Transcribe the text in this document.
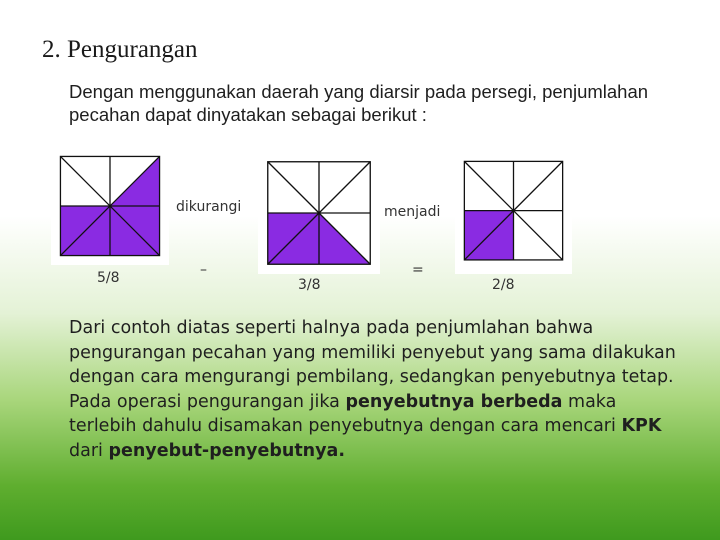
2. Pengurangan
Dengan menggunakan daerah yang diarsir pada persegi, penjumlahan pecahan dapat dinyatakan sebagai berikut :
5/8
dikurangi
–
3/8
menjadi
=
2/8
Dari contoh diatas seperti halnya pada penjumlahan bahwa pengurangan pecahan yang memiliki penyebut yang sama dilakukan dengan cara mengurangi pembilang, sedangkan penyebutnya tetap. Pada operasi pengurangan jika penyebutnya berbeda maka terlebih dahulu disamakan penyebutnya dengan cara mencari KPK dari penyebut-penyebutnya.
